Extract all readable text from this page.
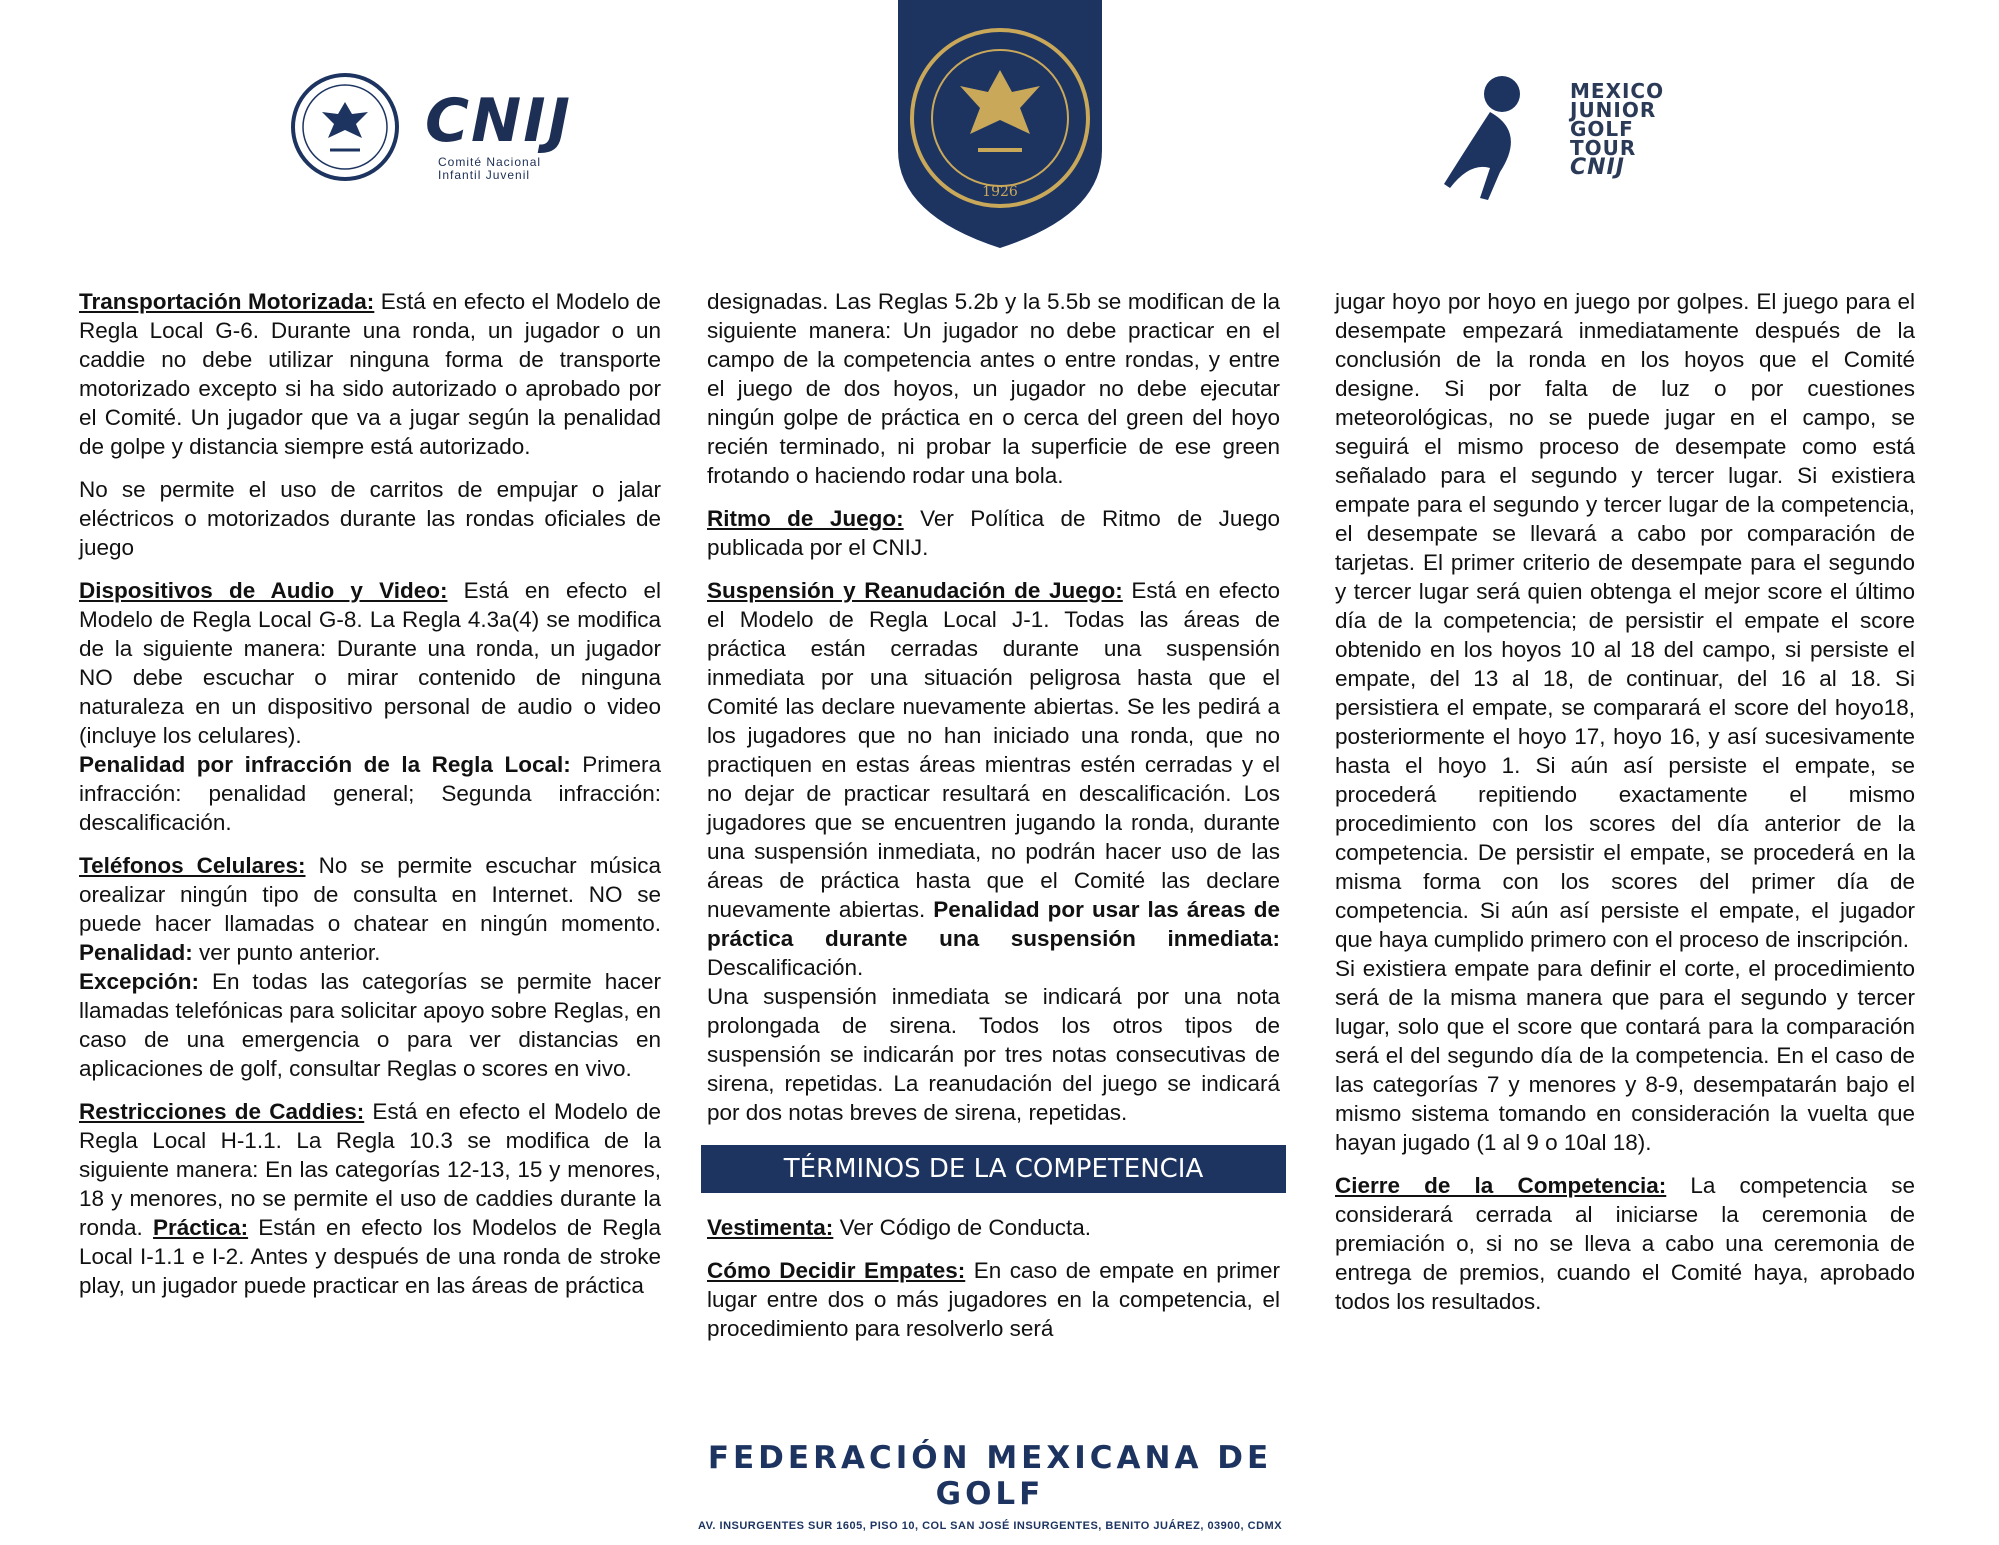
CNIJ
Comité Nacional
Infantil Juvenil
1926
MEXICO
JUNIOR
GOLF
TOUR
CNIJ

Transportación Motorizada: Está en efecto el Modelo de Regla Local G-6. Durante una ronda, un jugador o un caddie no debe utilizar ninguna forma de transporte motorizado excepto si ha sido autorizado o aprobado por el Comité. Un jugador que va a jugar según la penalidad de golpe y distancia siempre está autorizado.

No se permite el uso de carritos de empujar o jalar eléctricos o motorizados durante las rondas oficiales de juego

Dispositivos de Audio y Video: Está en efecto el Modelo de Regla Local G-8. La Regla 4.3a(4) se modifica de la siguiente manera: Durante una ronda, un jugador NO debe escuchar o mirar contenido de ninguna naturaleza en un dispositivo personal de audio o video (incluye los celulares).

Penalidad por infracción de la Regla Local: Primera infracción: penalidad general; Segunda infracción: descalificación.

Teléfonos Celulares: No se permite escuchar música orealizar ningún tipo de consulta en Internet. NO se puede hacer llamadas o chatear en ningún momento. Penalidad: ver punto anterior.

Excepción: En todas las categorías se permite hacer llamadas telefónicas para solicitar apoyo sobre Reglas, en caso de una emergencia o para ver distancias en aplicaciones de golf, consultar Reglas o scores en vivo.

Restricciones de Caddies: Está en efecto el Modelo de Regla Local H-1.1. La Regla 10.3 se modifica de la siguiente manera: En las categorías 12-13, 15 y menores, 18 y menores, no se permite el uso de caddies durante la ronda. Práctica: Están en efecto los Modelos de Regla Local I-1.1 e I-2. Antes y después de una ronda de stroke play, un jugador puede practicar en las áreas de práctica

designadas. Las Reglas 5.2b y la 5.5b se modifican de la siguiente manera: Un jugador no debe practicar en el campo de la competencia antes o entre rondas, y entre el juego de dos hoyos, un jugador no debe ejecutar ningún golpe de práctica en o cerca del green del hoyo recién terminado, ni probar la superficie de ese green frotando o haciendo rodar una bola.

Ritmo de Juego: Ver Política de Ritmo de Juego publicada por el CNIJ.

Suspensión y Reanudación de Juego: Está en efecto el Modelo de Regla Local J-1. Todas las áreas de práctica están cerradas durante una suspensión inmediata por una situación peligrosa hasta que el Comité las declare nuevamente abiertas. Se les pedirá a los jugadores que no han iniciado una ronda, que no practiquen en estas áreas mientras estén cerradas y el no dejar de practicar resultará en descalificación. Los jugadores que se encuentren jugando la ronda, durante una suspensión inmediata, no podrán hacer uso de las áreas de práctica hasta que el Comité las declare nuevamente abiertas. Penalidad por usar las áreas de práctica durante una suspensión inmediata: Descalificación.

Una suspensión inmediata se indicará por una nota prolongada de sirena. Todos los otros tipos de suspensión se indicarán por tres notas consecutivas de sirena, repetidas. La reanudación del juego se indicará por dos notas breves de sirena, repetidas.

TÉRMINOS DE LA COMPETENCIA

Vestimenta: Ver Código de Conducta.

Cómo Decidir Empates: En caso de empate en primer lugar entre dos o más jugadores en la competencia, el procedimiento para resolverlo será

jugar hoyo por hoyo en juego por golpes. El juego para el desempate empezará inmediatamente después de la conclusión de la ronda en los hoyos que el Comité designe. Si por falta de luz o por cuestiones meteorológicas, no se puede jugar en el campo, se seguirá el mismo proceso de desempate como está señalado para el segundo y tercer lugar. Si existiera empate para el segundo y tercer lugar de la competencia, el desempate se llevará a cabo por comparación de tarjetas. El primer criterio de desempate para el segundo y tercer lugar será quien obtenga el mejor score el último día de la competencia; de persistir el empate el score obtenido en los hoyos 10 al 18 del campo, si persiste el empate, del 13 al 18, de continuar, del 16 al 18. Si persistiera el empate, se comparará el score del hoyo18, posteriormente el hoyo 17, hoyo 16, y así sucesivamente hasta el hoyo 1. Si aún así persiste el empate, se procederá repitiendo exactamente el mismo procedimiento con los scores del día anterior de la competencia. De persistir el empate, se procederá en la misma forma con los scores del primer día de competencia. Si aún así persiste el empate, el jugador que haya cumplido primero con el proceso de inscripción.

Si existiera empate para definir el corte, el procedimiento será de la misma manera que para el segundo y tercer lugar, solo que el score que contará para la comparación será el del segundo día de la competencia. En el caso de las categorías 7 y menores y 8-9, desempatarán bajo el mismo sistema tomando en consideración la vuelta que hayan jugado (1 al 9 o 10al 18).

Cierre de la Competencia: La competencia se considerará cerrada al iniciarse la ceremonia de premiación o, si no se lleva a cabo una ceremonia de entrega de premios, cuando el Comité haya, aprobado todos los resultados.

FEDERACIÓN MEXICANA DE GOLF
AV. INSURGENTES SUR 1605, PISO 10, COL SAN JOSÉ INSURGENTES, BENITO JUÁREZ, 03900, CDMX
